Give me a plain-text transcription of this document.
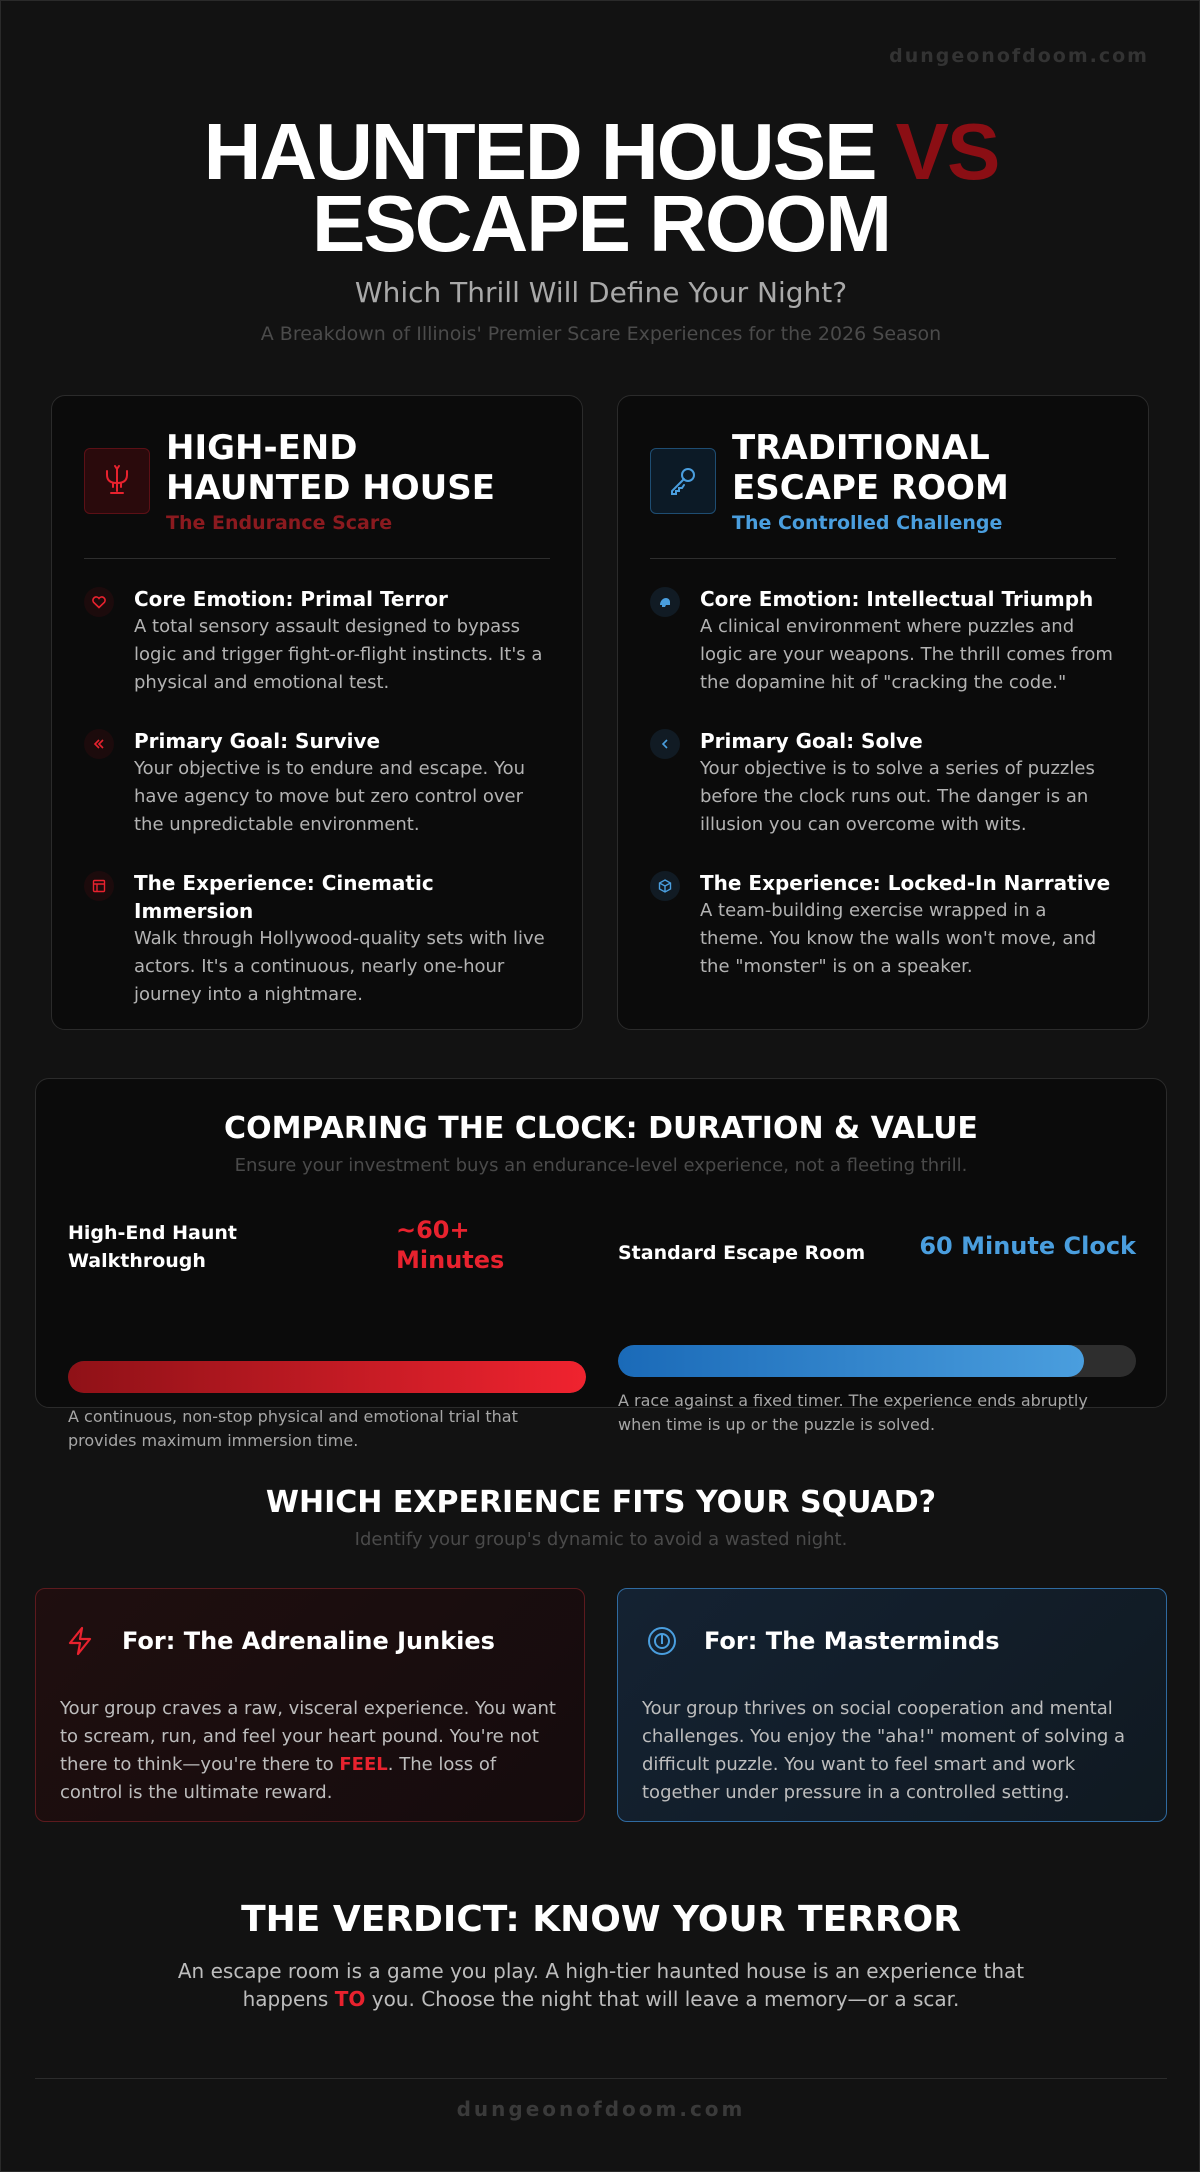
dungeonofdoom.com
HAUNTED HOUSE VS ESCAPE ROOM
Which Thrill Will Define Your Night?
A Breakdown of Illinois' Premier Scare Experiences for the 2026 Season
HIGH-END HAUNTED HOUSE
The Endurance Scare
Core Emotion: Primal Terror
A total sensory assault designed to bypass logic and trigger fight-or-flight instincts. It's a physical and emotional test.
Primary Goal: Survive
Your objective is to endure and escape. You have agency to move but zero control over the unpredictable environment.
The Experience: Cinematic Immersion
Walk through Hollywood-quality sets with live actors. It's a continuous, nearly one-hour journey into a nightmare.
TRADITIONAL ESCAPE ROOM
The Controlled Challenge
Core Emotion: Intellectual Triumph
A clinical environment where puzzles and logic are your weapons. The thrill comes from the dopamine hit of "cracking the code."
Primary Goal: Solve
Your objective is to solve a series of puzzles before the clock runs out. The danger is an illusion you can overcome with wits.
The Experience: Locked-In Narrative
A team-building exercise wrapped in a theme. You know the walls won't move, and the "monster" is on a speaker.
COMPARING THE CLOCK: DURATION & VALUE
Ensure your investment buys an endurance-level experience, not a fleeting thrill.
High-End Haunt Walkthrough
~60+ Minutes
A continuous, non-stop physical and emotional trial that provides maximum immersion time.
Standard Escape Room 60 Minute Clock
A race against a fixed timer. The experience ends abruptly when time is up or the puzzle is solved.
WHICH EXPERIENCE FITS YOUR SQUAD?
Identify your group's dynamic to avoid a wasted night.
For: The Adrenaline Junkies
Your group craves a raw, visceral experience. You want to scream, run, and feel your heart pound. You're not there to think—you're there to FEEL. The loss of control is the ultimate reward.
For: The Masterminds
Your group thrives on social cooperation and mental challenges. You enjoy the "aha!" moment of solving a difficult puzzle. You want to feel smart and work together under pressure in a controlled setting.
THE VERDICT: KNOW YOUR TERROR
An escape room is a game you play. A high-tier haunted house is an experience that happens TO you. Choose the night that will leave a memory—or a scar.
dungeonofdoom.com
